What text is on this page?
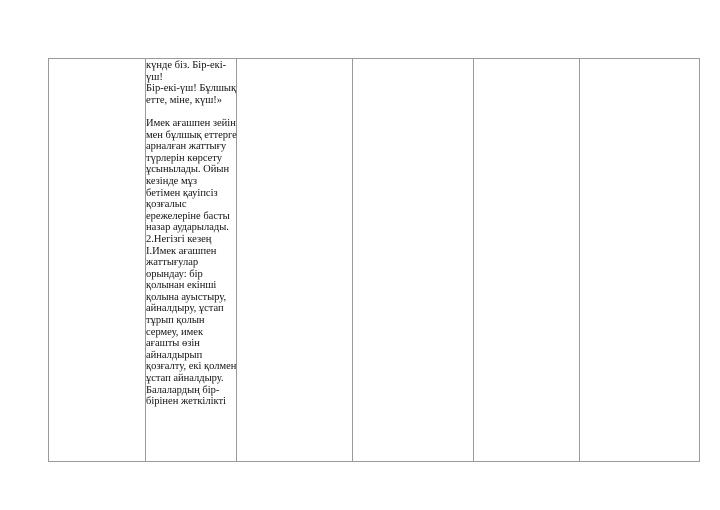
күнде біз. Бір-екі-
үш!
Бір-екі-үш! Бұлшық
етте, міне, күш!»
Имек ағашпен зейін
мен бұлшық еттерге
арналған жаттығу
түрлерін көрсету
ұсынылады. Ойын
кезінде мұз
бетімен қауіпсіз
қозғалыс
ережелеріне басты
назар аударылады.
2.Негізгі кезең
І.Имек ағашпен
жаттығулар
орындау: бір
қолынан екінші
қолына ауыстыру,
айналдыру, ұстап
тұрып қолын
сермеу, имек
ағашты өзін
айналдырып
қозғалту, екі қолмен
ұстап айналдыру.
Балалардың бір-
бірінен жеткілікті
